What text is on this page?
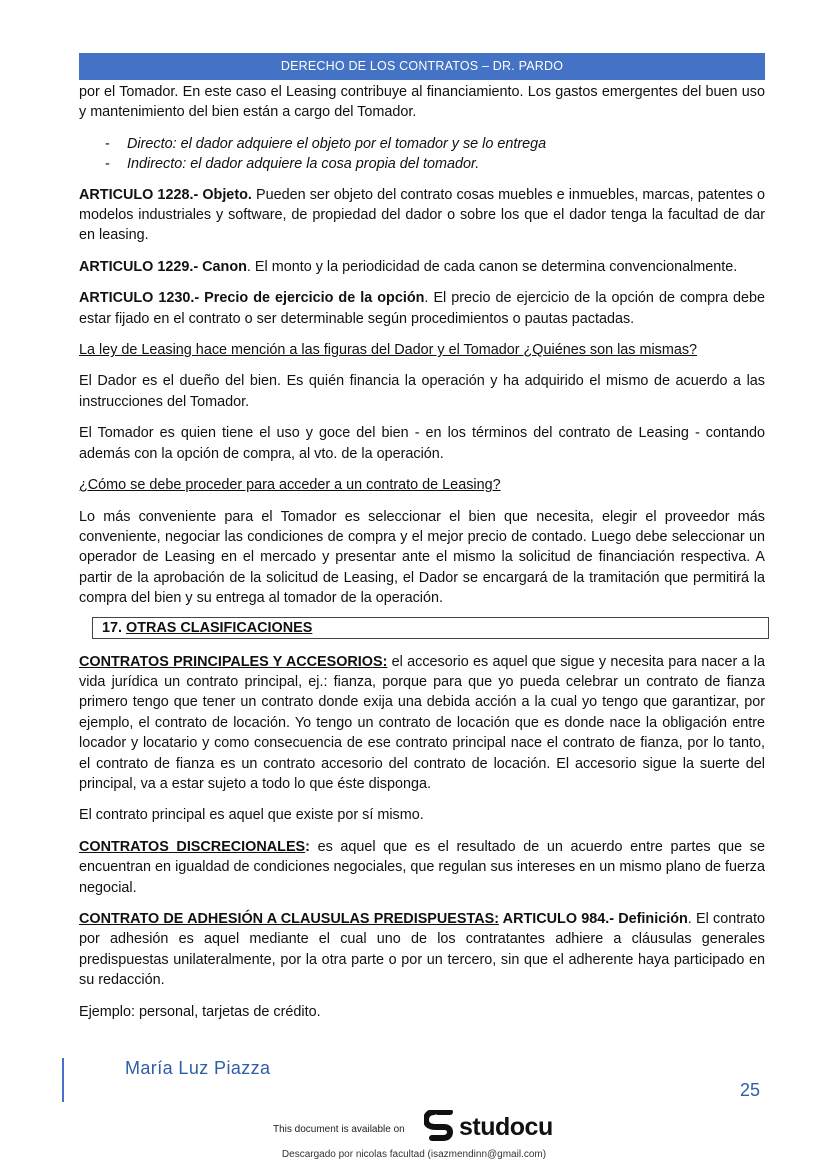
DERECHO DE LOS CONTRATOS – DR. PARDO

por el Tomador. En este caso el Leasing contribuye al financiamiento. Los gastos emergentes del buen uso y mantenimiento del bien están a cargo del Tomador.

- Directo: el dador adquiere el objeto por el tomador y se lo entrega
- Indirecto: el dador adquiere la cosa propia del tomador.

ARTICULO 1228.- Objeto. Pueden ser objeto del contrato cosas muebles e inmuebles, marcas, patentes o modelos industriales y software, de propiedad del dador o sobre los que el dador tenga la facultad de dar en leasing.

ARTICULO 1229.- Canon. El monto y la periodicidad de cada canon se determina convencionalmente.

ARTICULO 1230.- Precio de ejercicio de la opción. El precio de ejercicio de la opción de compra debe estar fijado en el contrato o ser determinable según procedimientos o pautas pactadas.

La ley de Leasing hace mención a las figuras del Dador y el Tomador ¿Quiénes son las mismas?

El Dador es el dueño del bien. Es quién financia la operación y ha adquirido el mismo de acuerdo a las instrucciones del Tomador.

El Tomador es quien tiene el uso y goce del bien - en los términos del contrato de Leasing - contando además con la opción de compra, al vto. de la operación.

¿Cómo se debe proceder para acceder a un contrato de Leasing?

Lo más conveniente para el Tomador es seleccionar el bien que necesita, elegir el proveedor más conveniente, negociar las condiciones de compra y el mejor precio de contado. Luego debe seleccionar un operador de Leasing en el mercado y presentar ante el mismo la solicitud de financiación respectiva. A partir de la aprobación de la solicitud de Leasing, el Dador se encargará de la tramitación que permitirá la compra del bien y su entrega al tomador de la operación.

17. OTRAS CLASIFICACIONES

CONTRATOS PRINCIPALES Y ACCESORIOS: el accesorio es aquel que sigue y necesita para nacer a la vida jurídica un contrato principal, ej.: fianza, porque para que yo pueda celebrar un contrato de fianza primero tengo que tener un contrato donde exija una debida acción a la cual yo tengo que garantizar, por ejemplo, el contrato de locación. Yo tengo un contrato de locación que es donde nace la obligación entre locador y locatario y como consecuencia de ese contrato principal nace el contrato de fianza, por lo tanto, el contrato de fianza es un contrato accesorio del contrato de locación. El accesorio sigue la suerte del principal, va a estar sujeto a todo lo que éste disponga.

El contrato principal es aquel que existe por sí mismo.

CONTRATOS DISCRECIONALES: es aquel que es el resultado de un acuerdo entre partes que se encuentran en igualdad de condiciones negociales, que regulan sus intereses en un mismo plano de fuerza negocial.

CONTRATO DE ADHESIÓN A CLAUSULAS PREDISPUESTAS: ARTICULO 984.- Definición. El contrato por adhesión es aquel mediante el cual uno de los contratantes adhiere a cláusulas generales predispuestas unilateralmente, por la otra parte o por un tercero, sin que el adherente haya participado en su redacción.

Ejemplo: personal, tarjetas de crédito.

María Luz Piazza
25
This document is available on studocu
Descargado por nicolas facultad (isazmendinn@gmail.com)
